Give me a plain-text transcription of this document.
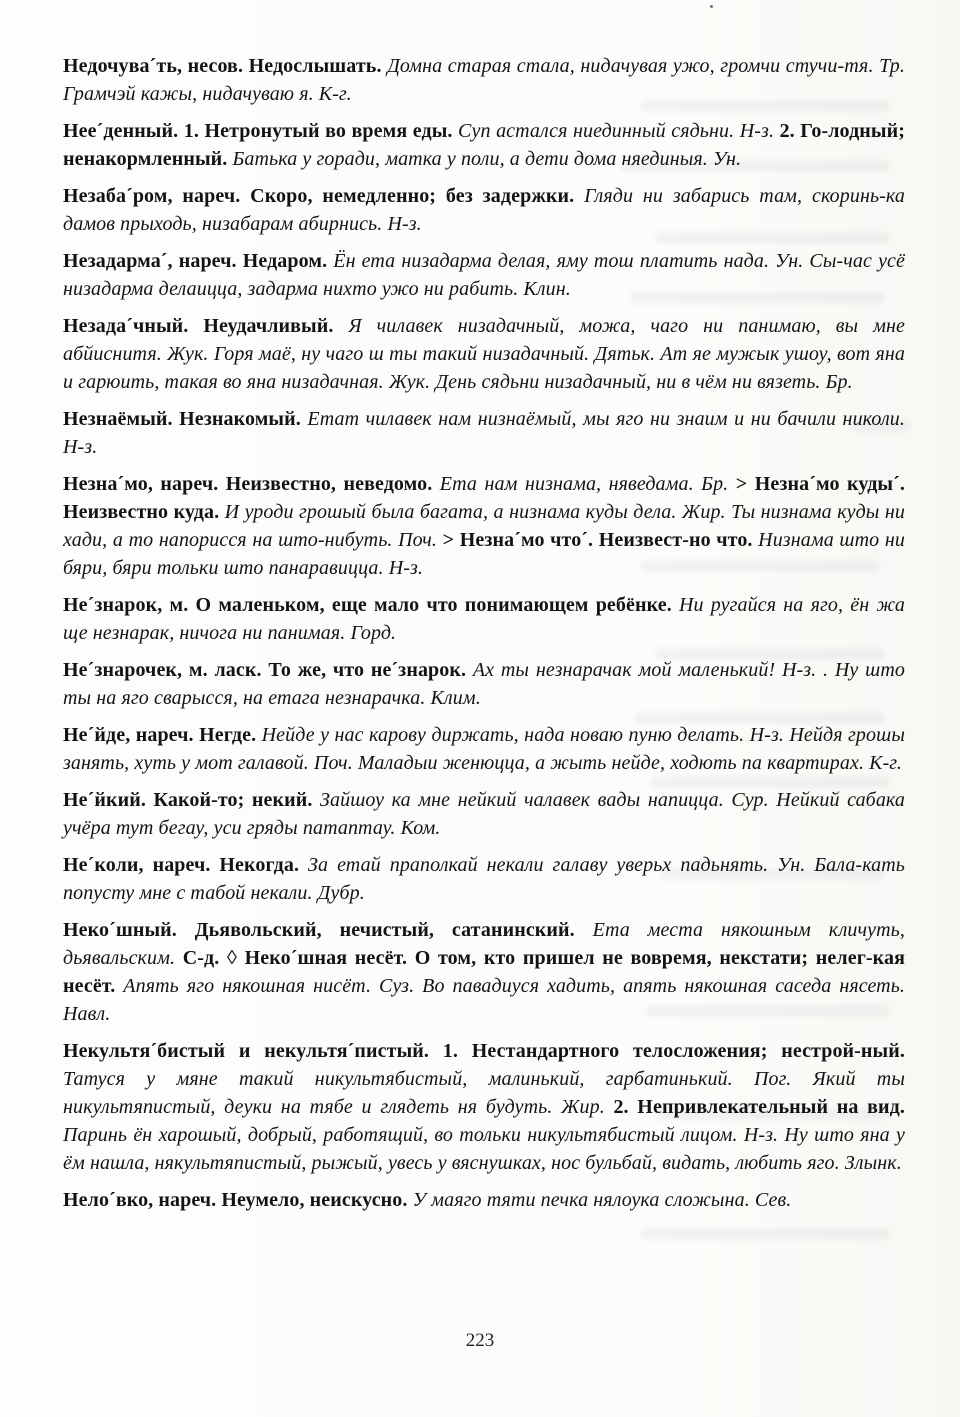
Недочува´ть, несов. Недослышать. Домна старая стала, нидачувая ужо, громчи стучи-тя. Тр. Грамчэй кажы, нидачуваю я. К-г.

Нее´денный. 1. Нетронутый во время еды. Суп астался ниединный сядьни. Н-з. 2. Го-лодный; ненакормленный. Батька у горади, матка у поли, а дети дома няединыя. Ун.

Незаба´ром, нареч. Скоро, немедленно; без задержки. Гляди ни забарись там, скоринь-ка дамов прыходь, низабарам абирнись. Н-з.

Незадарма´, нареч. Недаром. Ён ета низадарма делая, яму тош платить нада. Ун. Сы-час усё низадарма делаицца, задарма нихто ужо ни рабить. Клин.

Незада´чный. Неудачливый. Я чилавек низадачный, можа, чаго ни панимаю, вы мне абйиснитя. Жук. Горя маё, ну чаго ш ты такий низадачный. Дятьк. Ат яе мужык ушоу, вот яна и гарюить, такая во яна низадачная. Жук. День сядьни низадачный, ни в чём ни вязеть. Бр.

Незнаёмый. Незнакомый. Етат чилавек нам низнаёмый, мы яго ни знаим и ни бачили николи. Н-з.

Незна´мо, нареч. Неизвестно, неведомо. Ета нам низнама, няведама. Бр. > Незна´мо куды´. Неизвестно куда. И уроди грошый была багата, а низнама куды дела. Жир. Ты низнама куды ни хади, а то напорисся на што-нибуть. Поч. > Незна´мо что´. Неизвест-но что. Низнама што ни бяри, бяри тольки што панаравицца. Н-з.

Не´знарок, м. О маленьком, еще мало что понимающем ребёнке. Ни ругайся на яго, ён жа ще незнарак, ничога ни панимая. Горд.

Не´знарочек, м. ласк. То же, что не´знарок. Ах ты незнарачак мой маленький! Н-з. . Ну што ты на яго сварысся, на етага незнарачка. Клим.

Не´йде, нареч. Негде. Нейде у нас карову диржать, нада новаю пуню делать. Н-з. Нейдя грошы занять, хуть у мот галавой. Поч. Маладыи женюцца, а жыть нейде, ходють па квартирах. К-г.

Не´йкий. Какой-то; некий. Зайшоу ка мне нейкий чалавек вады напицца. Сур. Нейкий сабака учёра тут бегау, уси гряды патаптау. Ком.

Не´коли, нареч. Некогда. За етай праполкай некали галаву уверьх падьнять. Ун. Бала-кать попусту мне с табой некали. Дубр.

Неко´шный. Дьявольский, нечистый, сатанинский. Ета места някошным кличуть, дьявальским. С-д. ◊ Неко´шная несёт. О том, кто пришел не вовремя, некстати; нелег-кая несёт. Апять яго някошная нисёт. Суз. Во павадиуся хадить, апять някошная саседа нясеть. Навл.

Некультя´бистый и некультя´пистый. 1. Нестандартного телосложения; нестрой-ный. Татуся у мяне такий никультябистый, малинький, гарбатинький. Пог. Який ты никультяпистый, деуки на тябе и глядеть ня будуть. Жир. 2. Непривлекательный на вид. Паринь ён харошый, добрый, работящий, во тольки никультябистый лицом. Н-з. Ну што яна у ём нашла, някультяпистый, рыжый, увесь у вяснушках, нос бульбай, видать, любить яго. Злынк.

Нело´вко, нареч. Неумело, неискусно. У маяго тяти печка нялоука сложына. Сев.

223
